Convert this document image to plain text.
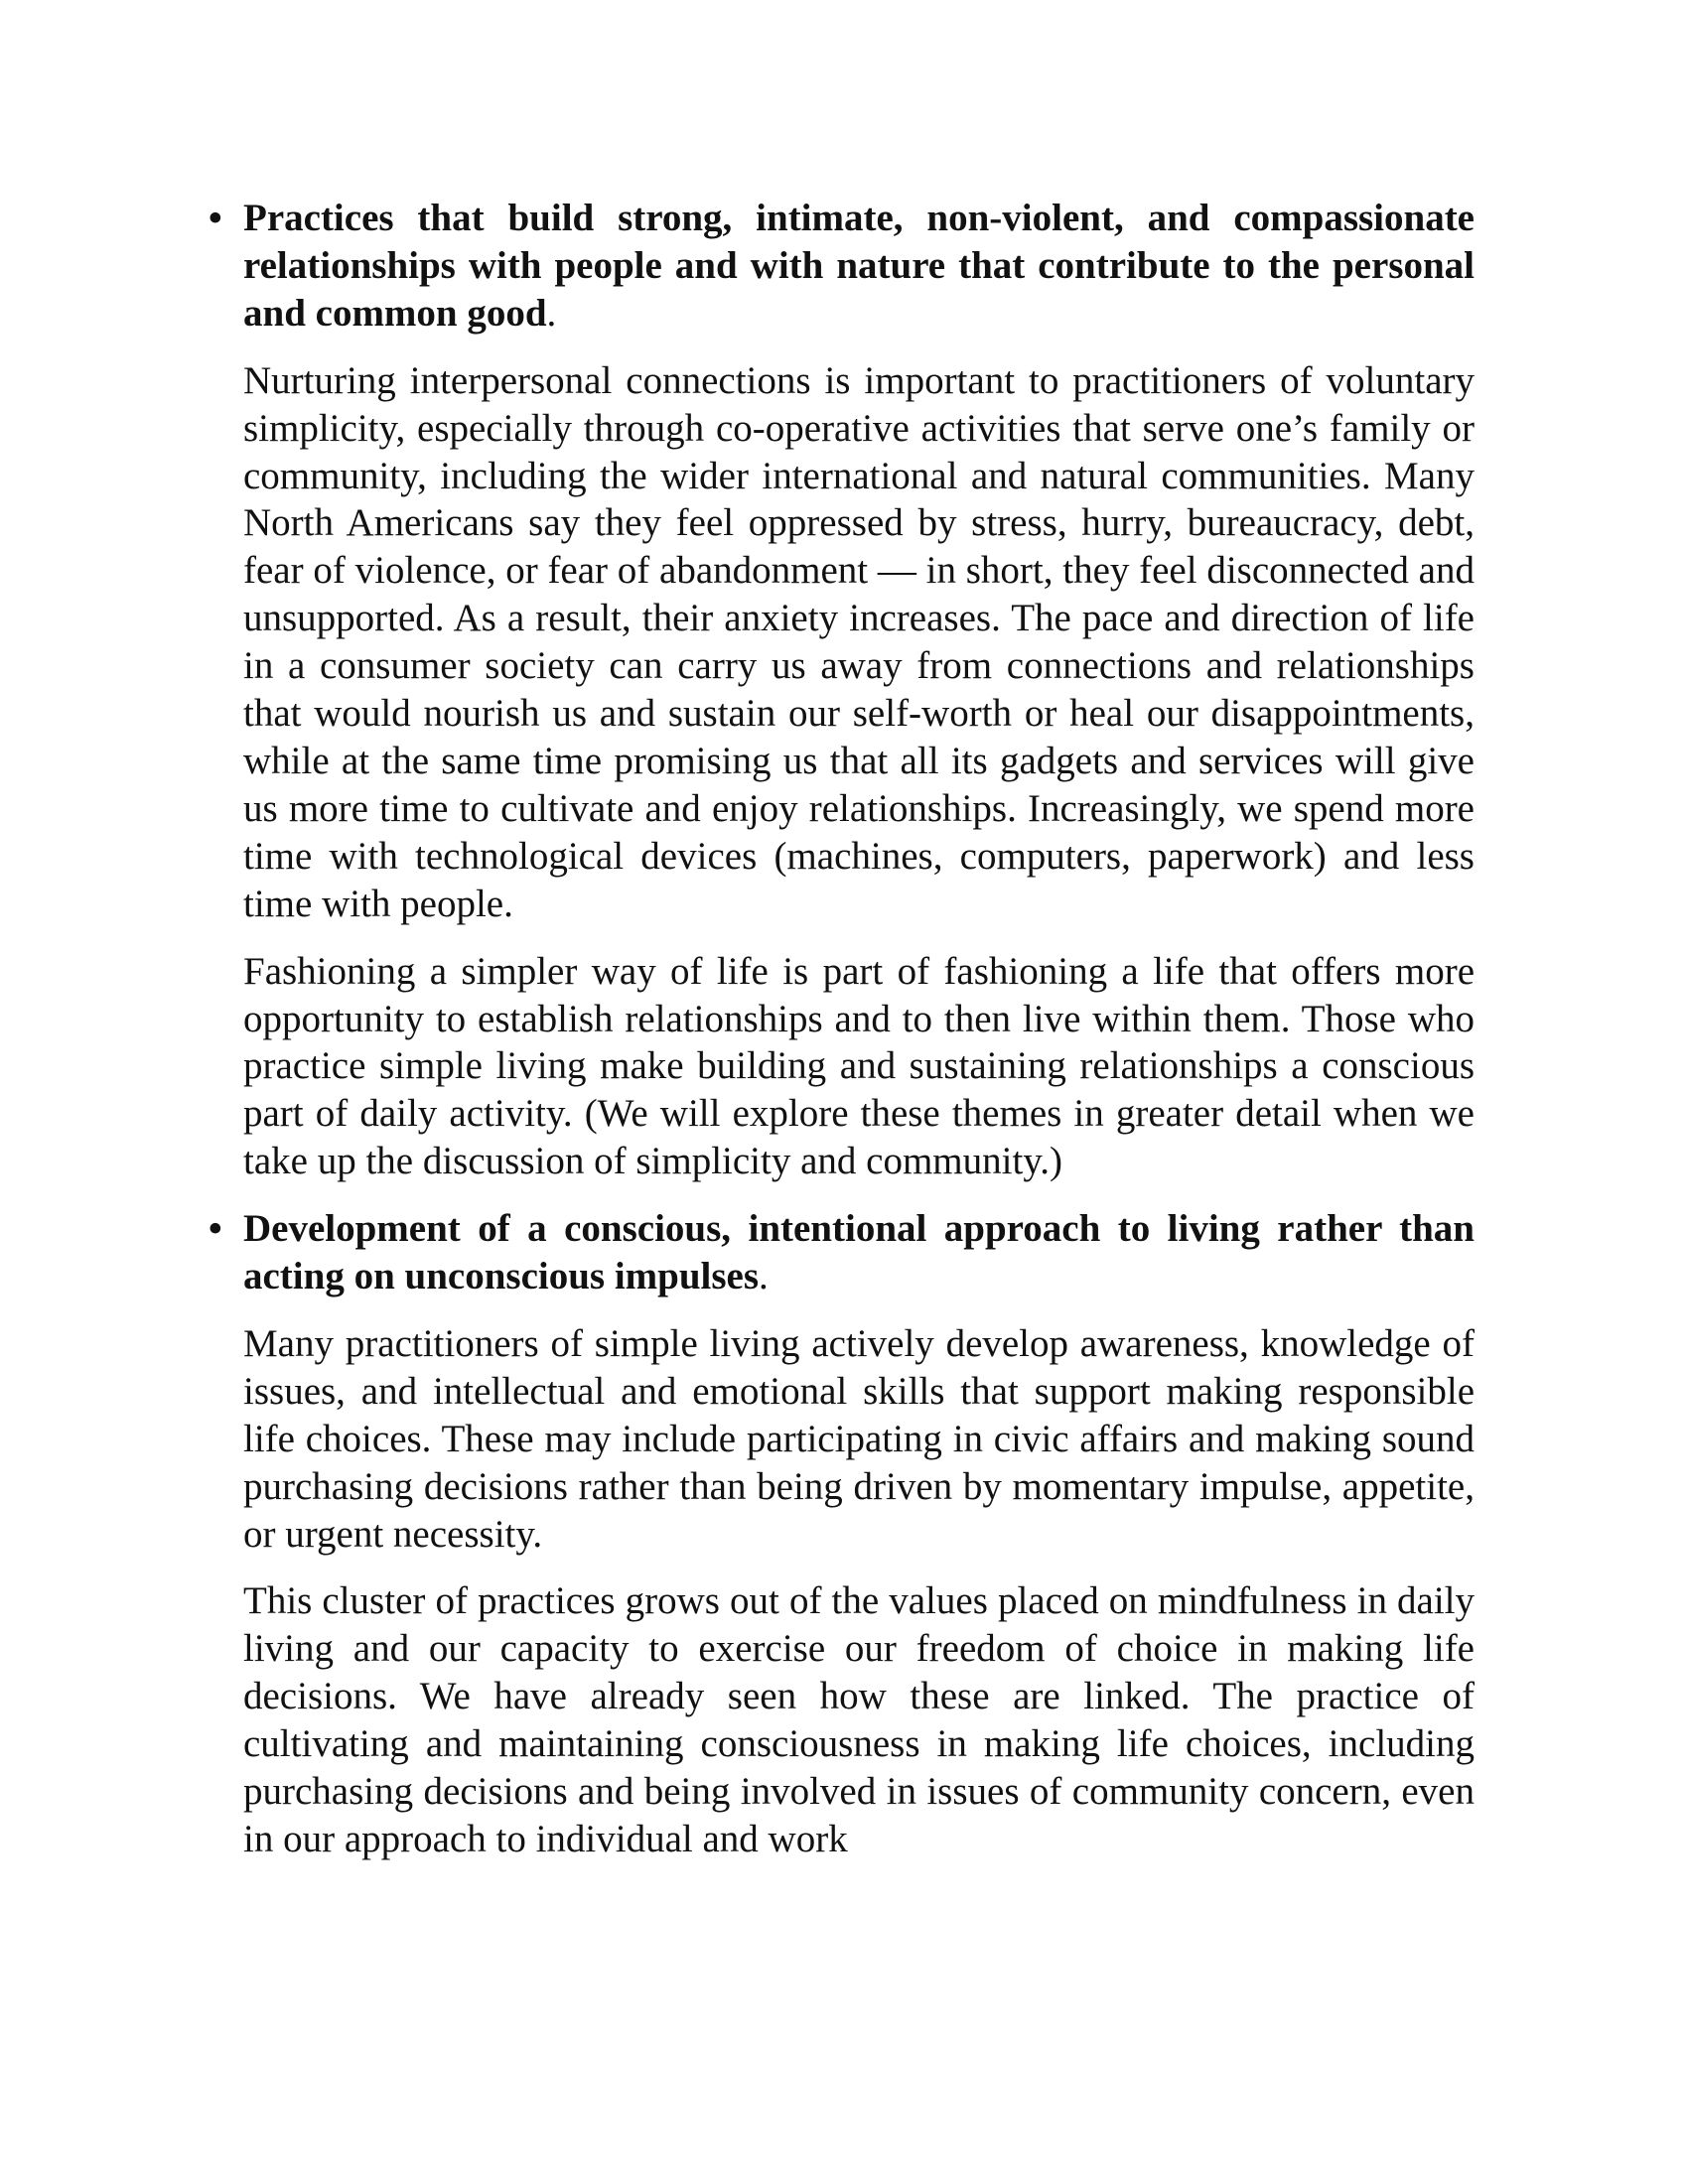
• Practices that build strong, intimate, non-violent, and compassionate relationships with people and with nature that contribute to the personal and common good.

Nurturing interpersonal connections is important to practitioners of voluntary simplicity, especially through co-operative activities that serve one’s family or community, including the wider international and natural communities. Many North Americans say they feel oppressed by stress, hurry, bureaucracy, debt, fear of violence, or fear of abandonment — in short, they feel disconnected and unsupported. As a result, their anxiety increases. The pace and direction of life in a consumer society can carry us away from connections and relationships that would nourish us and sustain our self-worth or heal our disappointments, while at the same time promising us that all its gadgets and services will give us more time to cultivate and enjoy relationships. Increasingly, we spend more time with technological devices (machines, computers, paperwork) and less time with people.

Fashioning a simpler way of life is part of fashioning a life that offers more opportunity to establish relationships and to then live within them. Those who practice simple living make building and sustaining relationships a conscious part of daily activity. (We will explore these themes in greater detail when we take up the discussion of simplicity and community.)

• Development of a conscious, intentional approach to living rather than acting on unconscious impulses.

Many practitioners of simple living actively develop awareness, knowledge of issues, and intellectual and emotional skills that support making responsible life choices. These may include participating in civic affairs and making sound purchasing decisions rather than being driven by momentary impulse, appetite, or urgent necessity.

This cluster of practices grows out of the values placed on mindfulness in daily living and our capacity to exercise our freedom of choice in making life decisions. We have already seen how these are linked. The practice of cultivating and maintaining consciousness in making life choices, including purchasing decisions and being involved in issues of community concern, even in our approach to individual and work
